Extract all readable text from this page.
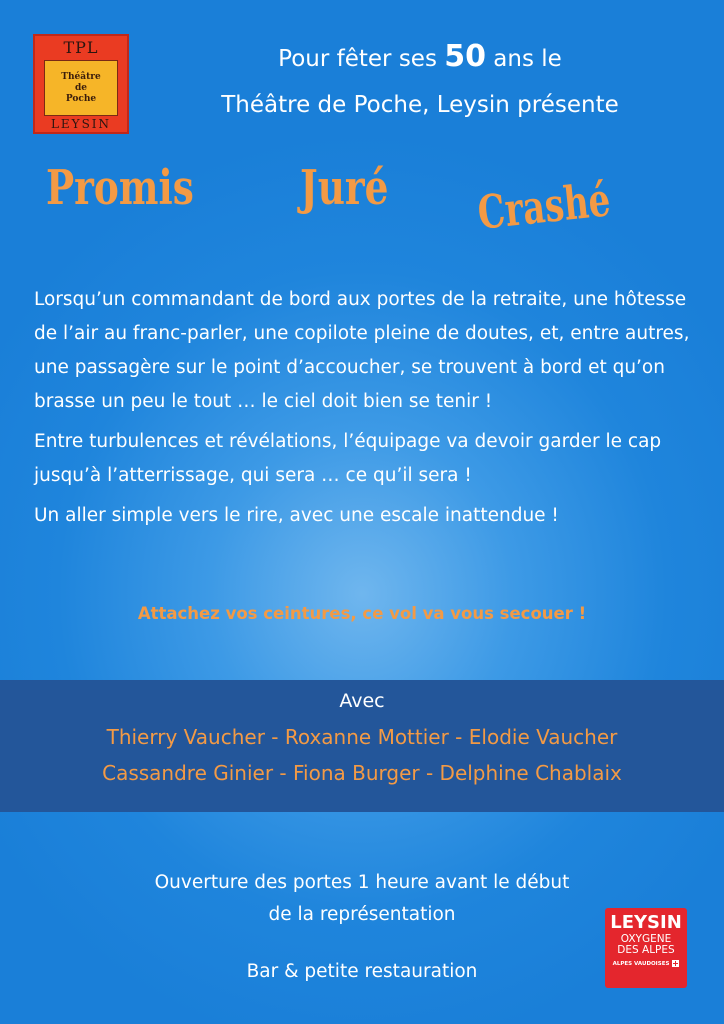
TPL
Théâtre
de
Poche
LEYSIN
Pour fêter ses 50 ans le
Théâtre de Poche, Leysin présente
Promis Juré Crashé

Lorsqu’un commandant de bord aux portes de la retraite, une hôtesse de l’air au franc-parler, une copilote pleine de doutes, et, entre autres, une passagère sur le point d’accoucher, se trouvent à bord et qu’on brasse un peu le tout … le ciel doit bien se tenir !

Entre turbulences et révélations, l’équipage va devoir garder le cap jusqu’à l’atterrissage, qui sera … ce qu’il sera !

Un aller simple vers le rire, avec une escale inattendue !

Attachez vos ceintures, ce vol va vous secouer !
Avec
Thierry Vaucher - Roxanne Mottier - Elodie Vaucher
Cassandre Ginier - Fiona Burger - Delphine Chablaix
Ouverture des portes 1 heure avant le début
de la représentation
Bar & petite restauration
LEYSIN
OXYGENE
DES ALPES
ALPES VAUDOISES
